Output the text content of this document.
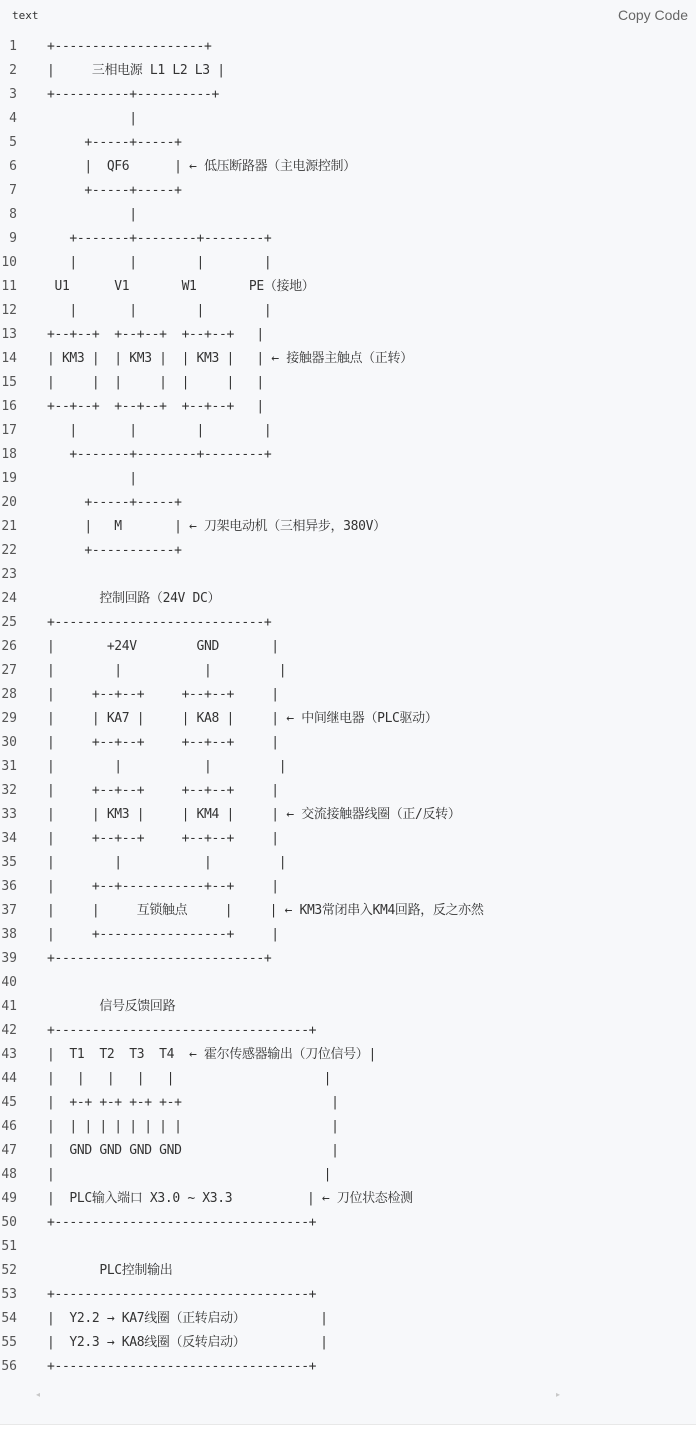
text	Copy Code
1 +--------------------+
2 |     三相电源 L1 L2 L3 |
3 +----------+----------+
4 |
5 +-----+-----+
6 |  QF6      | ← 低压断路器（主电源控制）
7 +-----+-----+
8 |
9 +-------+--------+--------+
10 |       |        |        |
11 U1      V1       W1       PE（接地）
12 |       |        |        |
13 +--+--+  +--+--+  +--+--+   |
14 | KM3 |  | KM3 |  | KM3 |   | ← 接触器主触点（正转）
15 |     |  |     |  |     |   |
16 +--+--+  +--+--+  +--+--+   |
17 |       |        |        |
18 +-------+--------+--------+
19 |
20 +-----+-----+
21 |   M       | ← 刀架电动机（三相异步，380V）
22 +-----------+
23
24 控制回路（24V DC）
25 +----------------------------+
26 |       +24V        GND       |
27 |        |           |         |
28 |     +--+--+     +--+--+     |
29 |     | KA7 |     | KA8 |     | ← 中间继电器（PLC驱动）
30 |     +--+--+     +--+--+     |
31 |        |           |         |
32 |     +--+--+     +--+--+     |
33 |     | KM3 |     | KM4 |     | ← 交流接触器线圈（正/反转）
34 |     +--+--+     +--+--+     |
35 |        |           |         |
36 |     +--+-----------+--+     |
37 |     |     互锁触点     |     | ← KM3常闭串入KM4回路，反之亦然
38 |     +-----------------+     |
39 +----------------------------+
40
41 信号反馈回路
42 +----------------------------------+
43 |  T1  T2  T3  T4  ← 霍尔传感器输出（刀位信号）|
44 |   |   |   |   |                    |
45 |  +-+ +-+ +-+ +-+                    |
46 |  | | | | | | | |                    |
47 |  GND GND GND GND                    |
48 |                                    |
49 |  PLC输入端口 X3.0 ~ X3.3          | ← 刀位状态检测
50 +----------------------------------+
51
52 PLC控制输出
53 +----------------------------------+
54 |  Y2.2 → KA7线圈（正转启动）          |
55 |  Y2.3 → KA8线圈（反转启动）          |
56 +----------------------------------+
◂	▸
